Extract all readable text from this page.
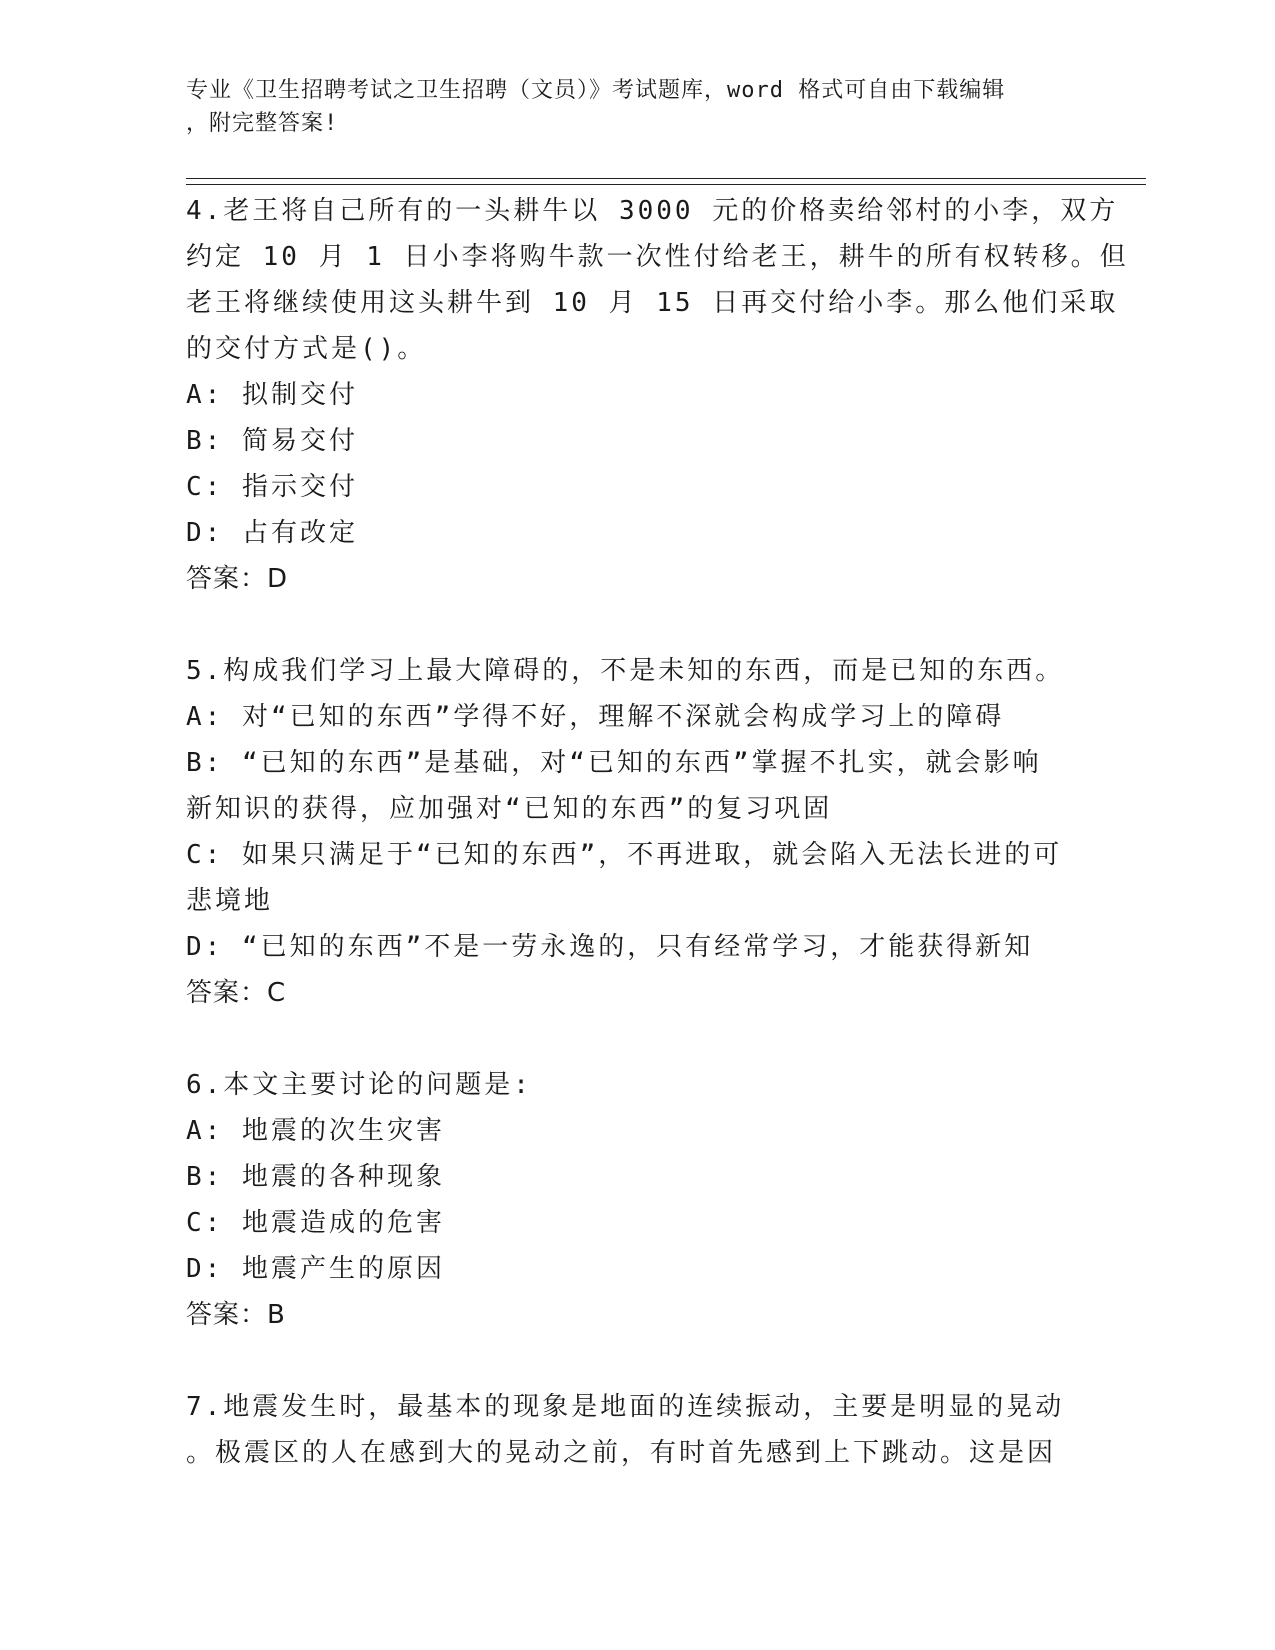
专业《卫生招聘考试之卫生招聘（文员）》考试题库，word 格式可自由下载编辑
，附完整答案!
4.老王将自己所有的一头耕牛以 3000 元的价格卖给邻村的小李，双方
约定 10 月 1 日小李将购牛款一次性付给老王，耕牛的所有权转移。但
老王将继续使用这头耕牛到 10 月 15 日再交付给小李。那么他们采取
的交付方式是()。
A: 拟制交付
B: 简易交付
C: 指示交付
D: 占有改定
答案：D
5.构成我们学习上最大障碍的，不是未知的东西，而是已知的东西。
A: 对“已知的东西”学得不好，理解不深就会构成学习上的障碍
B: “已知的东西”是基础，对“已知的东西”掌握不扎实，就会影响
新知识的获得，应加强对“已知的东西”的复习巩固
C: 如果只满足于“已知的东西”，不再进取，就会陷入无法长进的可
悲境地
D: “已知的东西”不是一劳永逸的，只有经常学习，才能获得新知
答案：C
6.本文主要讨论的问题是:
A: 地震的次生灾害
B: 地震的各种现象
C: 地震造成的危害
D: 地震产生的原因
答案：B
7.地震发生时，最基本的现象是地面的连续振动，主要是明显的晃动
。极震区的人在感到大的晃动之前，有时首先感到上下跳动。这是因
